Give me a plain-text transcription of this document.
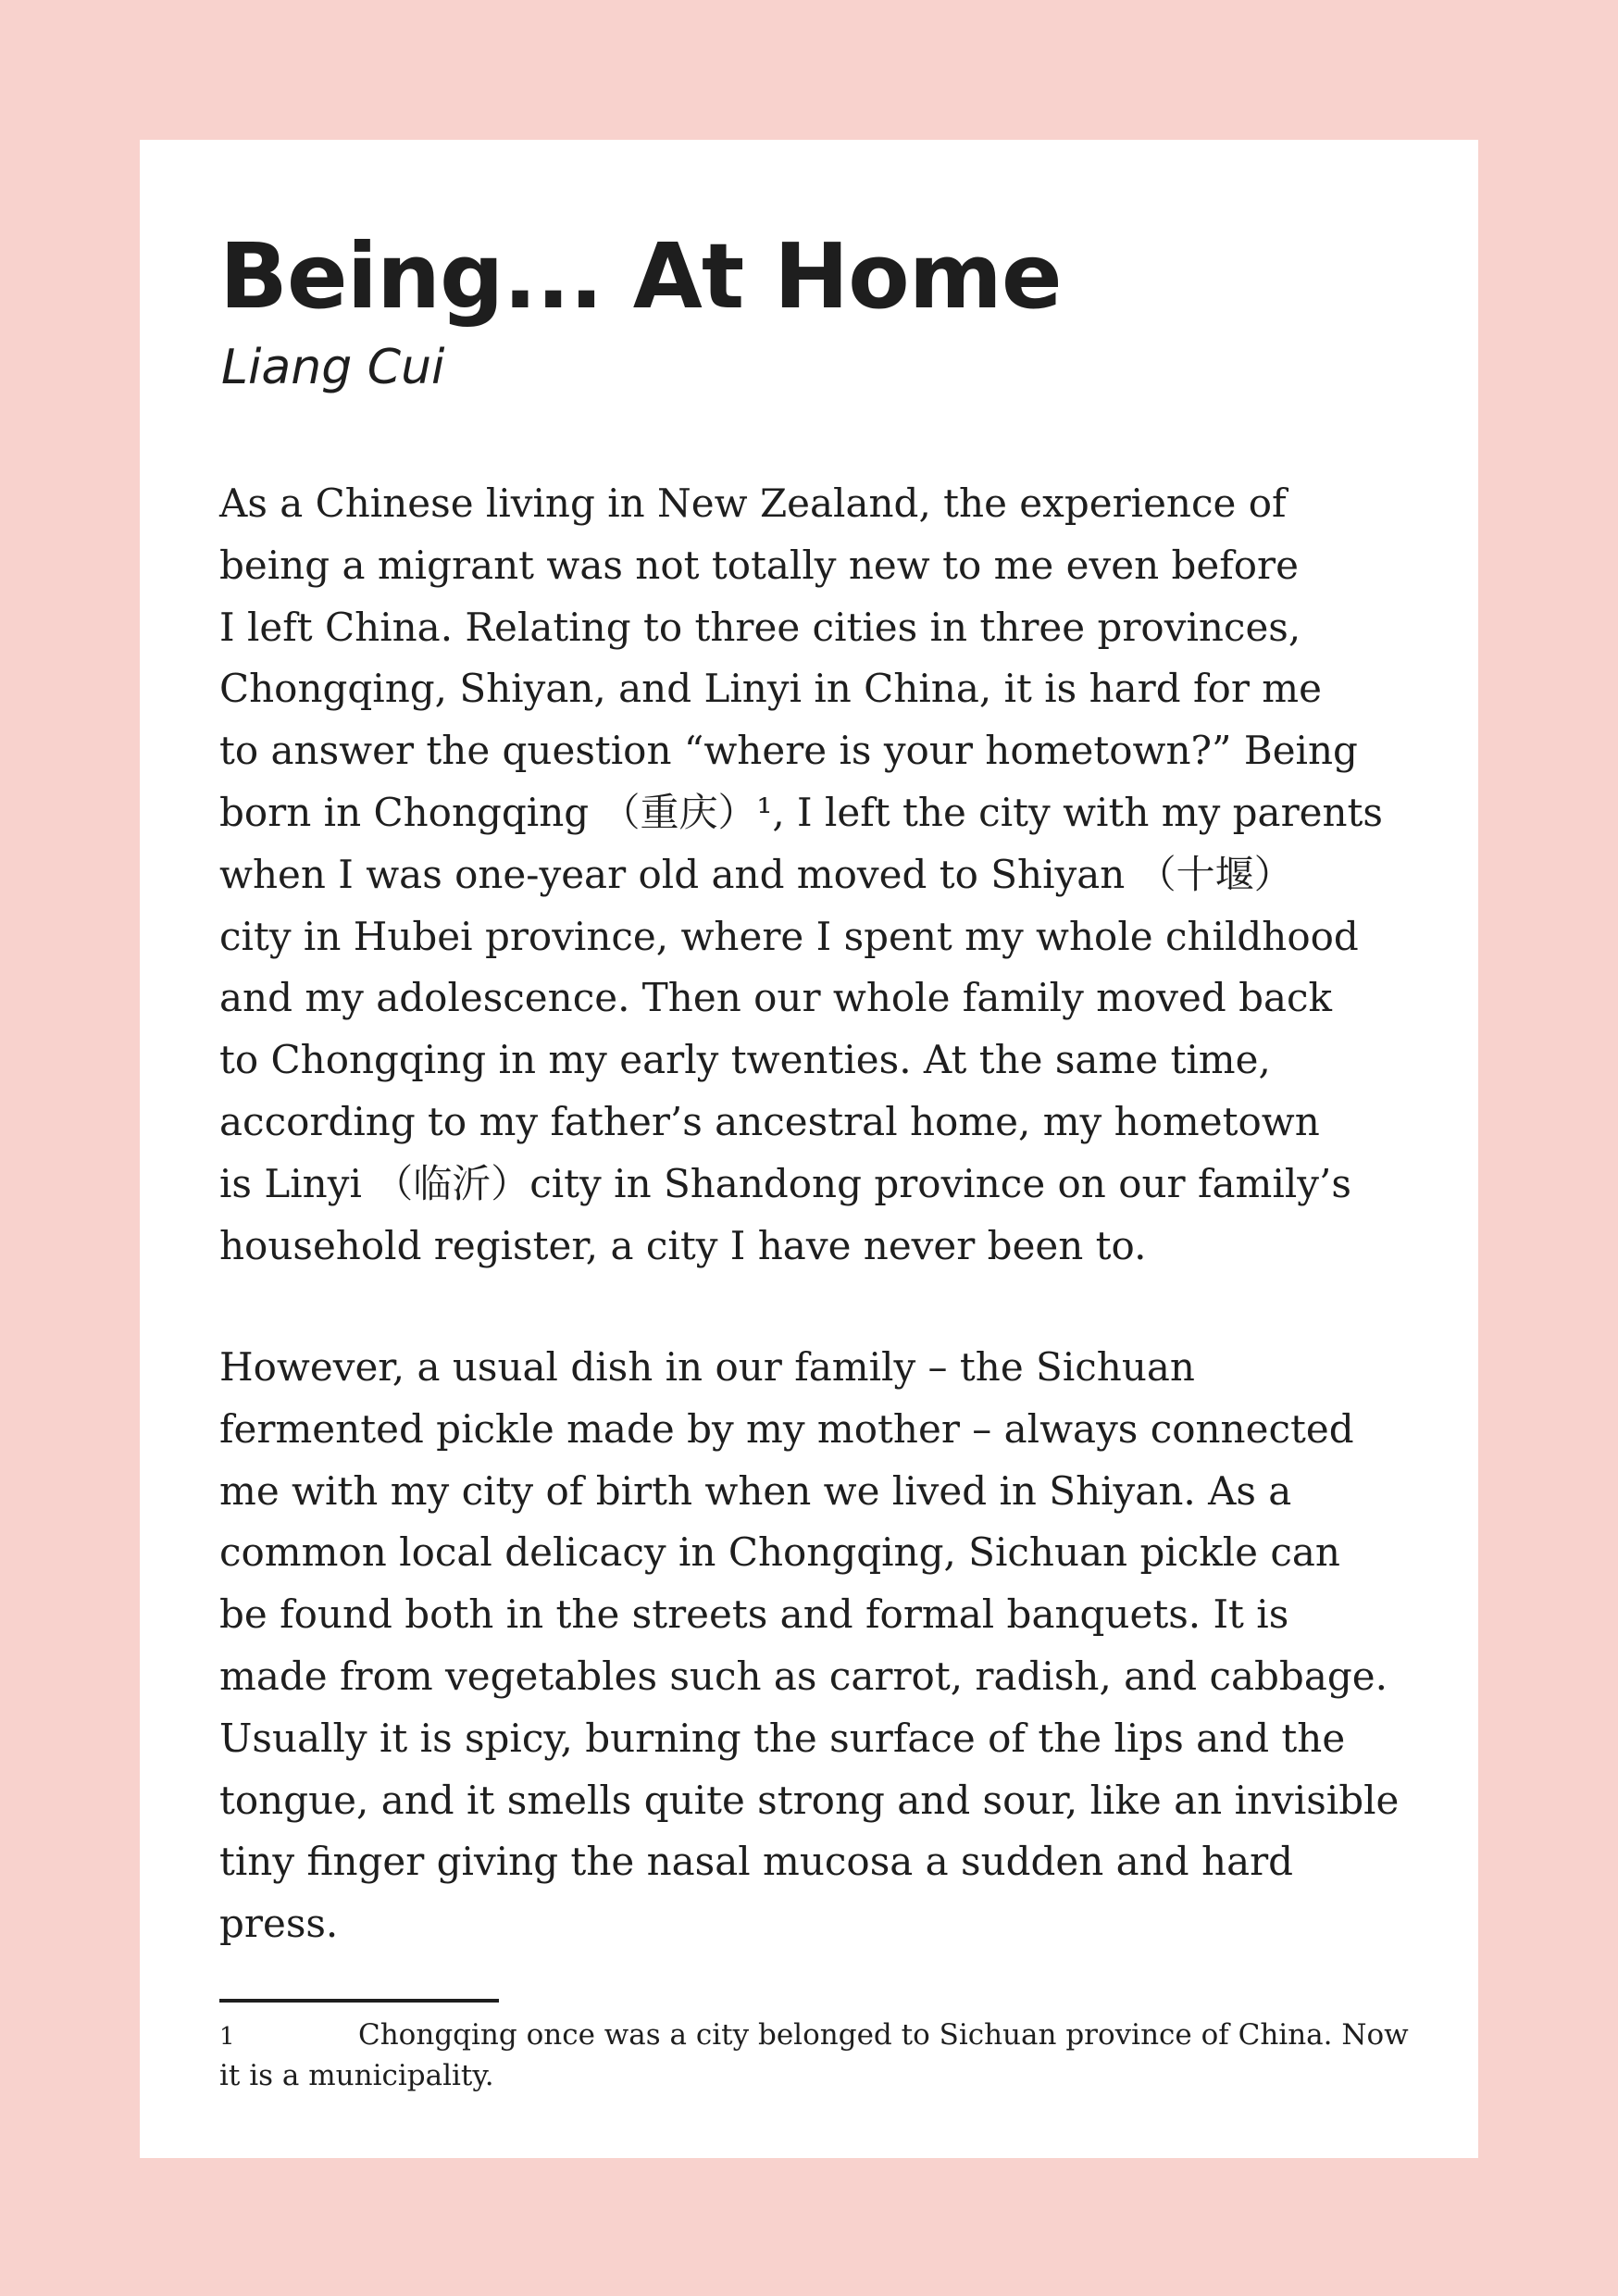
Being... At Home
Liang Cui

As a Chinese living in New Zealand, the experience of
being a migrant was not totally new to me even before
I left China. Relating to three cities in three provinces,
Chongqing, Shiyan, and Linyi in China, it is hard for me
to answer the question “where is your hometown?” Being
born in Chongqing （重庆）¹, I left the city with my parents
when I was one-year old and moved to Shiyan （十堰）
city in Hubei province, where I spent my whole childhood
and my adolescence. Then our whole family moved back
to Chongqing in my early twenties. At the same time,
according to my father’s ancestral home, my hometown
is Linyi （临沂）city in Shandong province on our family’s
household register, a city I have never been to.

However, a usual dish in our family – the Sichuan
fermented pickle made by my mother – always connected
me with my city of birth when we lived in Shiyan. As a
common local delicacy in Chongqing, Sichuan pickle can
be found both in the streets and formal banquets. It is
made from vegetables such as carrot, radish, and cabbage.
Usually it is spicy, burning the surface of the lips and the
tongue, and it smells quite strong and sour, like an invisible
tiny finger giving the nasal mucosa a sudden and hard
press.

1	Chongqing once was a city belonged to Sichuan province of China. Now
it is a municipality.
